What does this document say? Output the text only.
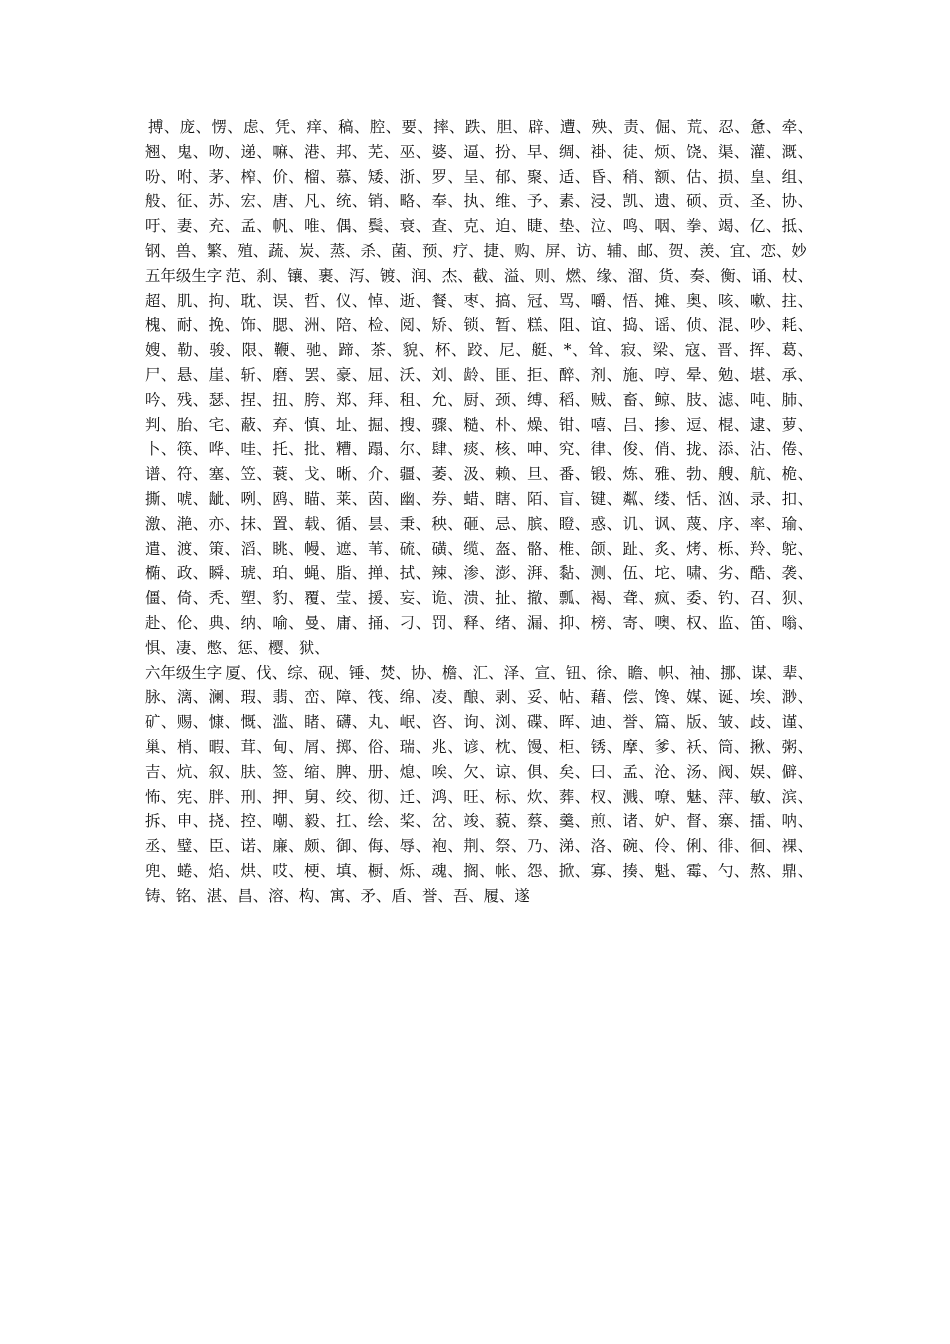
搏、庞、愣、虑、凭、痒、稿、腔、要、摔、跌、胆、辟、遭、殃、责、倔、荒、忍、惫、牵、翘、鬼、吻、递、嘛、港、邦、芜、巫、婆、逼、扮、早、绸、褂、徒、烦、饶、渠、灌、溉、吩、咐、茅、榨、价、榴、慕、矮、浙、罗、呈、郁、聚、适、昏、稍、额、估、损、皇、组、般、征、苏、宏、唐、凡、统、销、略、奉、执、维、予、素、浸、凯、遗、硕、贡、圣、协、吁、妻、充、孟、帆、唯、偶、鬓、衰、查、克、迫、睫、垫、泣、鸣、咽、拳、竭、亿、抵、钢、兽、繁、殖、蔬、炭、蒸、杀、菌、预、疗、捷、购、屏、访、辅、邮、贺、羡、宜、恋、妙

五年级生字 范、刹、镶、裹、泻、镀、润、杰、截、溢、则、燃、缘、溜、货、奏、衡、诵、杖、超、肌、拘、耽、误、哲、仪、悼、逝、餐、枣、搞、冠、骂、嚼、悟、摊、奥、咳、嗽、拄、槐、耐、挽、饰、腮、洲、陪、检、阅、矫、锁、暂、糕、阻、谊、捣、谣、侦、混、吵、耗、嫂、勒、骏、限、鞭、驰、蹄、茶、貌、杯、跤、尼、艇、*、耸、寂、梁、寇、晋、挥、葛、尸、悬、崖、斩、磨、罢、豪、屈、沃、刘、龄、匪、拒、醉、剂、施、哼、晕、勉、堪、承、吟、残、瑟、捏、扭、胯、郑、拜、租、允、厨、颈、缚、稻、贼、畜、鲸、肢、滤、吨、肺、判、胎、宅、蔽、弃、慎、址、掘、搜、骤、糙、朴、燥、钳、嘻、吕、掺、逗、棍、逮、萝、卜、筷、哗、哇、托、批、糟、蹋、尔、肆、痰、核、呻、究、律、俊、俏、拢、添、沾、倦、谱、符、塞、笠、蓑、戈、晰、介、疆、萎、汲、赖、旦、番、锻、炼、雅、勃、艘、航、桅、撕、唬、龇、咧、鸥、瞄、莱、茵、幽、券、蜡、瞎、陌、盲、键、粼、缕、恬、汹、录、扣、激、滟、亦、抹、置、载、循、昙、秉、秧、砸、忌、膑、瞪、惑、讥、讽、蔑、序、率、瑜、遣、渡、策、滔、眺、幔、遮、苇、硫、磺、缆、盔、骼、椎、颌、趾、炙、烤、栎、羚、鸵、椭、政、瞬、琥、珀、蝇、脂、掸、拭、辣、渗、澎、湃、黏、测、伍、坨、啸、劣、酷、袭、僵、倚、秃、塑、豹、覆、莹、援、妄、诡、溃、扯、撤、瓢、褐、聋、疯、委、钓、召、狈、赴、伦、典、纳、喻、曼、庸、捅、刁、罚、释、绪、漏、抑、榜、寄、噢、权、监、笛、嗡、惧、凄、憋、惩、樱、狱、

六年级生字 厦、伐、综、砚、锤、焚、协、檐、汇、泽、宣、钮、徐、瞻、帜、袖、挪、谋、辈、脉、漓、澜、瑕、翡、峦、障、筏、绵、凌、酿、剥、妥、帖、藉、偿、馋、媒、诞、埃、渺、矿、赐、慷、慨、滥、睹、礴、丸、岷、咨、询、浏、碟、晖、迪、誉、篇、版、皱、歧、谨、巢、梢、暇、茸、甸、屑、掷、俗、瑞、兆、谚、枕、馒、柜、锈、摩、爹、袄、筒、揪、粥、吉、炕、叙、肤、签、缩、脾、册、熄、唉、欠、谅、俱、矣、曰、孟、沧、汤、阀、娱、僻、怖、宪、胖、刑、押、舅、绞、彻、迁、鸿、旺、标、炊、葬、杈、溅、嘹、魅、萍、敏、滨、拆、申、挠、控、嘲、毅、扛、绘、桨、岔、竣、藐、蔡、羹、煎、诸、妒、督、寨、擂、呐、丞、璧、臣、诺、廉、颇、御、侮、辱、袍、荆、祭、乃、涕、洛、碗、伶、俐、徘、徊、裸、兜、蜷、焰、烘、哎、梗、填、橱、烁、魂、搁、帐、怨、掀、寡、揍、魁、霉、勺、熬、鼎、铸、铭、湛、昌、溶、构、寓、矛、盾、誉、吾、履、遂
